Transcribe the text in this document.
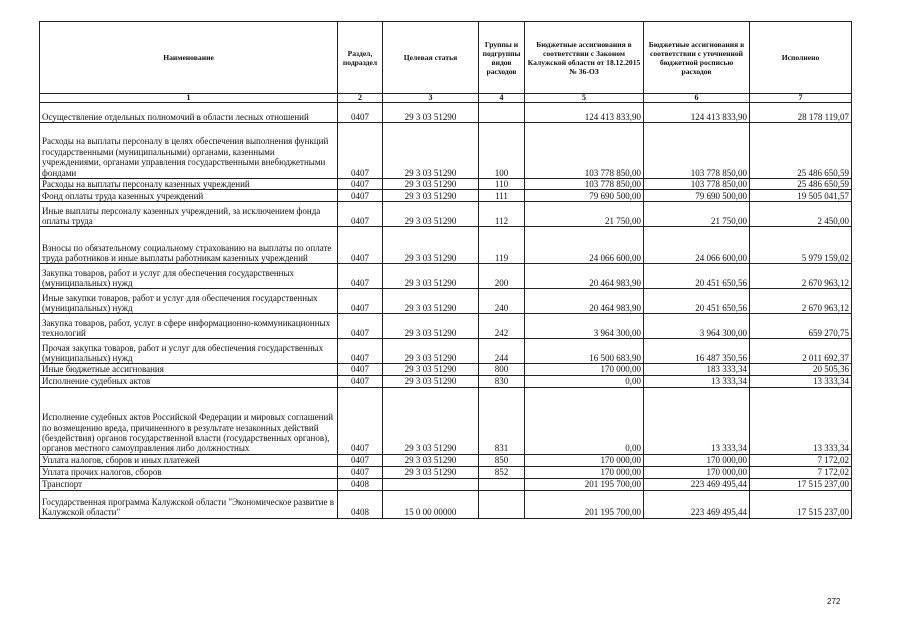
Наименование	Раздел, подраздел	Целевая статья	Группы и подгруппы видов расходов	Бюджетные ассигнования в соответствии с Законом Калужской области от 18.12.2015 № 36-ОЗ	Бюджетные ассигнования в соответствии с уточненной бюджетной росписью расходов	Исполнено
1	2	3	4	5	6	7
Осуществление отдельных полномочий в области лесных отношений	0407	29 3 03 51290		124 413 833,90	124 413 833,90	28 178 119,07
Расходы на выплаты персоналу в целях обеспечения выполнения функций государственными (муниципальными) органами, казенными учреждениями, органами управления государственными внебюджетными фондами	0407	29 3 03 51290	100	103 778 850,00	103 778 850,00	25 486 650,59
Расходы на выплаты персоналу казенных учреждений	0407	29 3 03 51290	110	103 778 850,00	103 778 850,00	25 486 650,59
Фонд оплаты труда казенных учреждений	0407	29 3 03 51290	111	79 690 500,00	79 690 500,00	19 505 041,57
Иные выплаты персоналу казенных учреждений, за исключением фонда оплаты труда	0407	29 3 03 51290	112	21 750,00	21 750,00	2 450,00
Взносы по обязательному социальному страхованию на выплаты по оплате труда работников и иные выплаты работникам казенных учреждений	0407	29 3 03 51290	119	24 066 600,00	24 066 600,00	5 979 159,02
Закупка товаров, работ и услуг для обеспечения государственных (муниципальных) нужд	0407	29 3 03 51290	200	20 464 983,90	20 451 650,56	2 670 963,12
Иные закупки товаров, работ и услуг для обеспечения государственных (муниципальных) нужд	0407	29 3 03 51290	240	20 464 983,90	20 451 650,56	2 670 963,12
Закупка товаров, работ, услуг в сфере информационно-коммуникационных технологий	0407	29 3 03 51290	242	3 964 300,00	3 964 300,00	659 270,75
Прочая закупка товаров, работ и услуг для обеспечения государственных (муниципальных) нужд	0407	29 3 03 51290	244	16 500 683,90	16 487 350,56	2 011 692,37
Иные бюджетные ассигнования	0407	29 3 03 51290	800	170 000,00	183 333,34	20 505,36
Исполнение судебных актов	0407	29 3 03 51290	830	0,00	13 333,34	13 333,34
Исполнение судебных актов Российской Федерации и мировых соглашений по возмещению вреда, причиненного в результате незаконных действий (бездействия) органов государственной власти (государственных органов), органов местного самоуправления либо должностных	0407	29 3 03 51290	831	0,00	13 333,34	13 333,34
Уплата налогов, сборов и иных платежей	0407	29 3 03 51290	850	170 000,00	170 000,00	7 172,02
Уплата прочих налогов, сборов	0407	29 3 03 51290	852	170 000,00	170 000,00	7 172,02
Транспорт	0408			201 195 700,00	223 469 495,44	17 515 237,00
Государственная программа Калужской области "Экономическое развитие в Калужской области"	0408	15 0 00 00000		201 195 700,00	223 469 495,44	17 515 237,00
272
